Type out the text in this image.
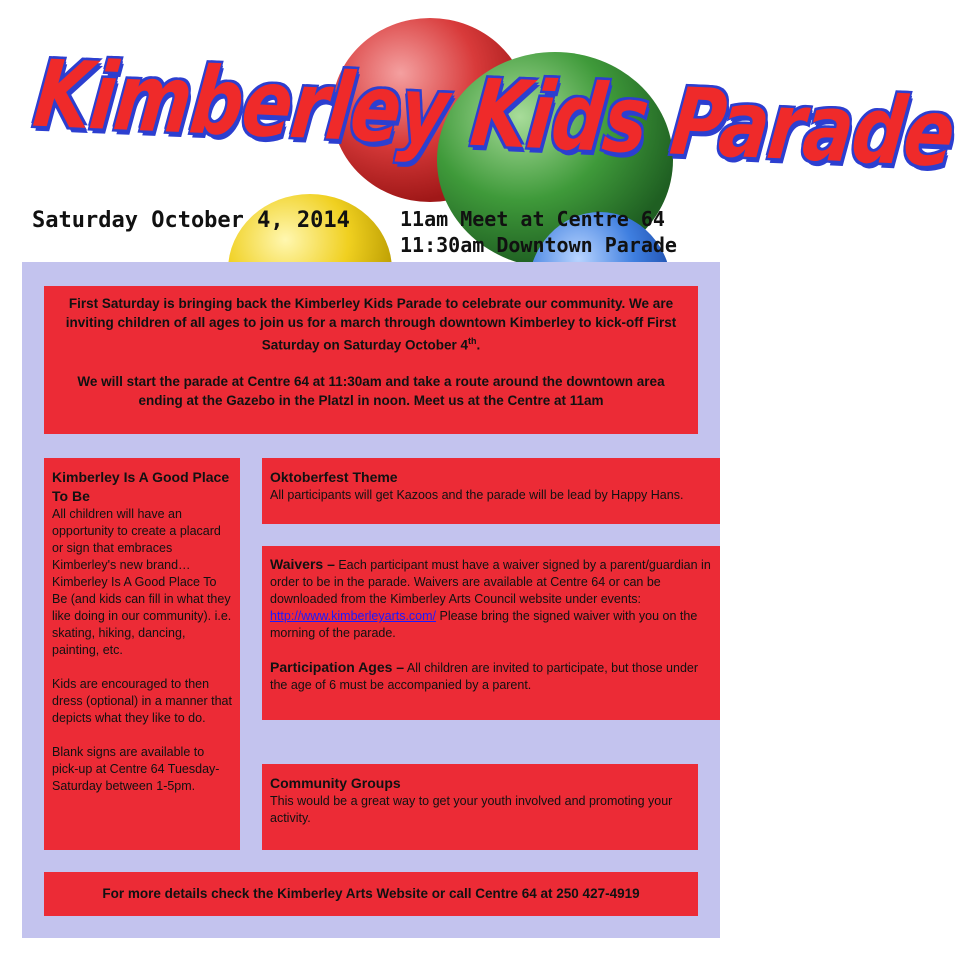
Kimberley Kids Parade
Saturday October 4, 2014	11am Meet at Centre 64
11:30am Downtown Parade

First Saturday is bringing back the Kimberley Kids Parade to celebrate our community. We are inviting children of all ages to join us for a march through downtown Kimberley to kick-off First Saturday on Saturday October 4th.

We will start the parade at Centre 64 at 11:30am and take a route around the downtown area ending at the Gazebo in the Platzl in noon. Meet us at the Centre at 11am

Kimberley Is A Good Place To Be

All children will have an opportunity to create a placard or sign that embraces Kimberley's new brand… Kimberley Is A Good Place To Be (and kids can fill in what they like doing in our community). i.e. skating, hiking, dancing, painting, etc.

Kids are encouraged to then dress (optional) in a manner that depicts what they like to do.

Blank signs are available to pick-up at Centre 64 Tuesday-Saturday between 1-5pm.

Oktoberfest Theme

All participants will get Kazoos and the parade will be lead by Happy Hans.

Waivers – Each participant must have a waiver signed by a parent/guardian in order to be in the parade. Waivers are available at Centre 64 or can be downloaded from the Kimberley Arts Council website under events: http://www.kimberleyarts.com/ Please bring the signed waiver with you on the morning of the parade.

Participation Ages – All children are invited to participate, but those under the age of 6 must be accompanied by a parent.

Community Groups

This would be a great way to get your youth involved and promoting your activity.

For more details check the Kimberley Arts Website or call Centre 64 at 250 427-4919
